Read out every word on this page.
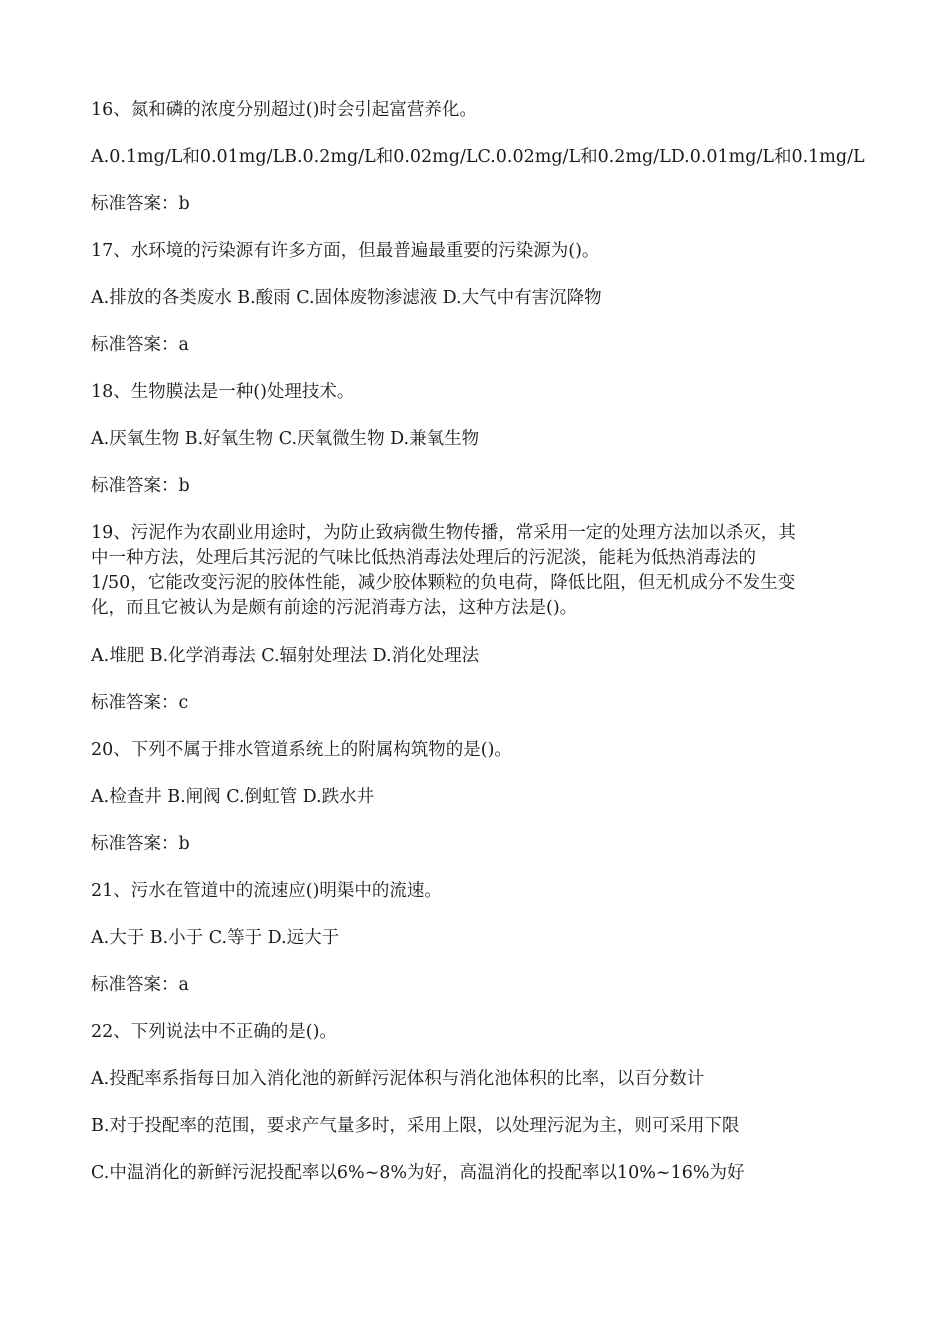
16、氮和磷的浓度分别超过()时会引起富营养化。
A.0.1mg/L和0.01mg/LB.0.2mg/L和0.02mg/LC.0.02mg/L和0.2mg/LD.0.01mg/L和0.1mg/L
标准答案：b
17、水环境的污染源有许多方面，但最普遍最重要的污染源为()。
A.排放的各类废水 B.酸雨 C.固体废物渗滤液 D.大气中有害沉降物
标准答案：a
18、生物膜法是一种()处理技术。
A.厌氧生物 B.好氧生物 C.厌氧微生物 D.兼氧生物
标准答案：b
19、污泥作为农副业用途时，为防止致病微生物传播，常采用一定的处理方法加以杀灭，其
中一种方法，处理后其污泥的气味比低热消毒法处理后的污泥淡，能耗为低热消毒法的
1/50，它能改变污泥的胶体性能，减少胶体颗粒的负电荷，降低比阻，但无机成分不发生变
化，而且它被认为是颇有前途的污泥消毒方法，这种方法是()。
A.堆肥 B.化学消毒法 C.辐射处理法 D.消化处理法
标准答案：c
20、下列不属于排水管道系统上的附属构筑物的是()。
A.检查井 B.闸阀 C.倒虹管 D.跌水井
标准答案：b
21、污水在管道中的流速应()明渠中的流速。
A.大于 B.小于 C.等于 D.远大于
标准答案：a
22、下列说法中不正确的是()。
A.投配率系指每日加入消化池的新鲜污泥体积与消化池体积的比率，以百分数计
B.对于投配率的范围，要求产气量多时，采用上限，以处理污泥为主，则可采用下限
C.中温消化的新鲜污泥投配率以6%~8%为好，高温消化的投配率以10%~16%为好
